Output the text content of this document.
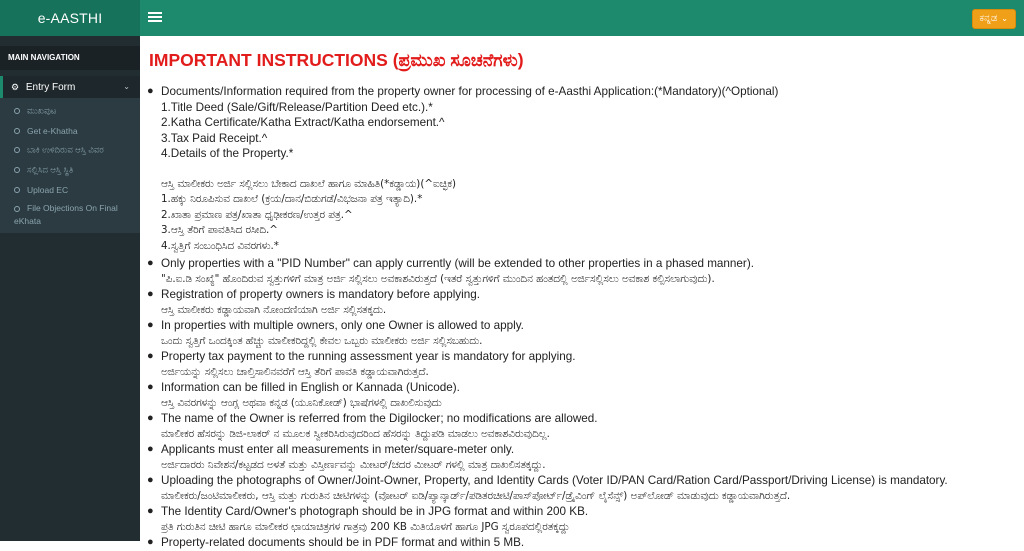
e-AASTHI	ಕನ್ನಡ ⌄
MAIN NAVIGATION
⚙ Entry Form	⌄
ಮುಖಪುಟ
Get e-Khatha
ಬಾಕಿ ಉಳಿದಿರುವ ಆಸ್ತಿ ವಿವರ
ಸಲ್ಲಿಸಿದ ಆಸ್ತಿ ಸ್ಥಿತಿ
Upload EC
File Objections On Final eKhata
IMPORTANT INSTRUCTIONS (ಪ್ರಮುಖ ಸೂಚನೆಗಳು)
● Documents/Information required from the property owner for processing of e-Aasthi Application:(*Mandatory)(^Optional)
1.Title Deed (Sale/Gift/Release/Partition Deed etc.).*
2.Katha Certificate/Katha Extract/Katha endorsement.^
3.Tax Paid Receipt.^
4.Details of the Property.*
ಆಸ್ತಿ ಮಾಲೀಕರು ಅರ್ಜಿ ಸಲ್ಲಿಸಲು ಬೇಕಾದ ದಾಖಲೆ ಹಾಗೂ ಮಾಹಿತಿ(*ಕಡ್ಡಾಯ)(^ಐಚ್ಛಿಕ)
1.ಹಕ್ಕು ನಿರೂಪಿಸುವ ದಾಖಲೆ (ಕ್ರಯ/ದಾನ/ಬಿಡುಗಡೆ/ವಿಭಜನಾ ಪತ್ರ ಇತ್ಯಾದಿ).*
2.ಖಾತಾ ಪ್ರಮಾಣ ಪತ್ರ/ಖಾತಾ ಧೃಢೀಕರಣ/ಉತ್ತರ ಪತ್ರ.^
3.ಆಸ್ತಿ ತೆರಿಗೆ ಪಾವತಿಸಿದ ರಸೀದಿ.^
4.ಸ್ವತ್ತಿಗೆ ಸಂಬಂಧಿಸಿದ ವಿವರಗಳು.*
● Only properties with a "PID Number" can apply currently (will be extended to other properties in a phased manner).
"ಪಿ.ಐ.ಡಿ ಸಂಖ್ಯೆ" ಹೊಂದಿರುವ ಸ್ವತ್ತುಗಳಿಗೆ ಮಾತ್ರ ಅರ್ಜಿ ಸಲ್ಲಿಸಲು ಅವಕಾಶವಿರುತ್ತದೆ (ಇತರೆ ಸ್ವತ್ತುಗಳಿಗೆ ಮುಂದಿನ ಹಂತದಲ್ಲಿ ಅರ್ಜಿಸಲ್ಲಿಸಲು ಅವಕಾಶ ಕಲ್ಪಿಸಲಾಗುವುದು).
● Registration of property owners is mandatory before applying.
ಆಸ್ತಿ ಮಾಲೀಕರು ಕಡ್ಡಾಯವಾಗಿ ನೋಂದಣಿಯಾಗಿ ಅರ್ಜಿ ಸಲ್ಲಿಸತಕ್ಕದು.
● In properties with multiple owners, only one Owner is allowed to apply.
ಒಂದು ಸ್ವತ್ತಿಗೆ ಒಂದಕ್ಕಿಂತ ಹೆಚ್ಚು ಮಾಲೀಕರಿದ್ದಲ್ಲಿ ಕೇವಲ ಒಬ್ಬರು ಮಾಲೀಕರು ಅರ್ಜಿ ಸಲ್ಲಿಸಬಹುದು.
● Property tax payment to the running assessment year is mandatory for applying.
ಅರ್ಜಿಯನ್ನು ಸಲ್ಲಿಸಲು ಚಾಲ್ತಿಸಾಲಿನವರೆಗೆ ಆಸ್ತಿ ತೆರಿಗೆ ಪಾವತಿ ಕಡ್ಡಾಯವಾಗಿರುತ್ತದೆ.
● Information can be filled in English or Kannada (Unicode).
ಆಸ್ತಿ ವಿವರಗಳನ್ನು ಆಂಗ್ಲ ಅಥವಾ ಕನ್ನಡ (ಯೂನಿಕೋಡ್) ಭಾಷೆಗಳಲ್ಲಿ ದಾಖಲಿಸುವುದು
● The name of the Owner is referred from the Digilocker; no modifications are allowed.
ಮಾಲೀಕರ ಹೆಸರನ್ನು ಡಿಜಿ-ಲಾಕರ್ ನ ಮೂಲಕ ಸ್ವೀಕರಿಸಿರುವುದರಿಂದ ಹೆಸರನ್ನು ತಿದ್ದುಪಡಿ ಮಾಡಲು ಅವಕಾಶವಿರುವುದಿಲ್ಲ.
● Applicants must enter all measurements in meter/square-meter only.
ಅರ್ಜಿದಾರರು ನಿವೇಶನ/ಕಟ್ಟಡದ ಅಳತೆ ಮತ್ತು ವಿಸ್ತೀರ್ಣವನ್ನು ಮೀಟರ್/ಚದರ ಮೀಟರ್ ಗಳಲ್ಲಿ ಮಾತ್ರ ದಾಖಲಿಸತಕ್ಕದ್ದು.
● Uploading the photographs of Owner/Joint-Owner, Property, and Identity Cards (Voter ID/PAN Card/Ration Card/Passport/Driving License) is mandatory.
ಮಾಲೀಕರು/ಜಂಟಿಮಾಲೀಕರು, ಆಸ್ತಿ ಮತ್ತು ಗುರುತಿನ ಚೀಟಿಗಳನ್ನು (ವೋಟರ್ ಐಡಿ/ಪ್ಯಾನ್ಕಾರ್ಡ್/ಪಡಿತರಚೀಟಿ/ಪಾಸ್‌ಪೋರ್ಟ್/ಡ್ರೈವಿಂಗ್ ಲೈಸೆನ್ಸ್) ಅಪ್‌ಲೋಡ್ ಮಾಡುವುದು ಕಡ್ಡಾಯವಾಗಿರುತ್ತದೆ.
● The Identity Card/Owner's photograph should be in JPG format and within 200 KB.
ಪ್ರತಿ ಗುರುತಿನ ಚೀಟಿ ಹಾಗೂ ಮಾಲೀಕರ ಛಾಯಾಚಿತ್ರಗಳ ಗಾತ್ರವು 200 KB ಮಿತಿಯೊಳಗೆ ಹಾಗೂ JPG ಸ್ವರೂಪದಲ್ಲಿರತಕ್ಕದ್ದು
● Property-related documents should be in PDF format and within 5 MB.
